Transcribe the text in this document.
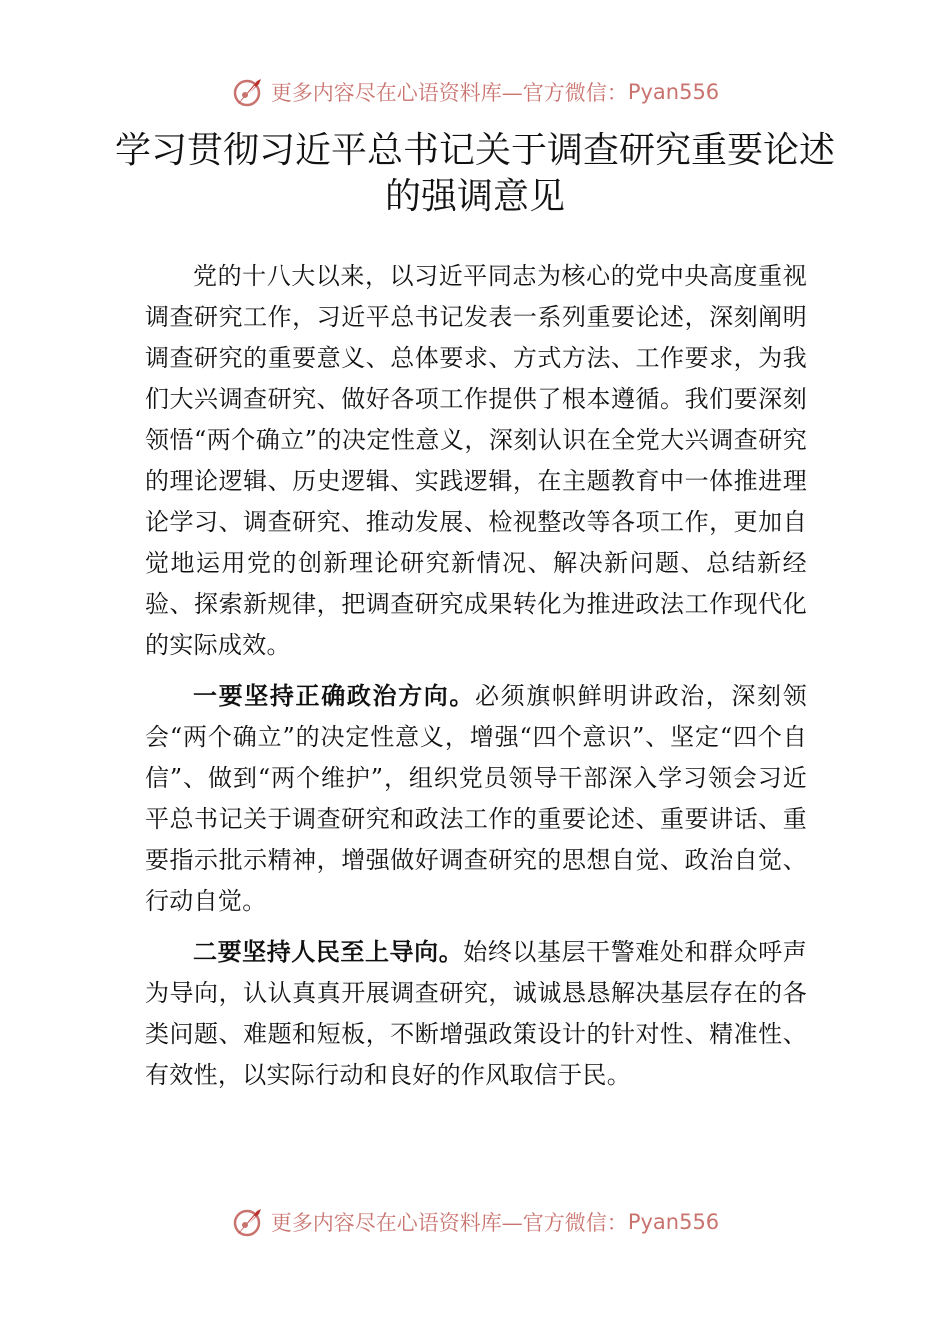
更多内容尽在心语资料库—官方微信： Pyan556
学习贯彻习近平总书记关于调查研究重要论述的强调意见

党的十八大以来，以习近平同志为核心的党中央高度重视调查研究工作，习近平总书记发表一系列重要论述，深刻阐明调查研究的重要意义、总体要求、方式方法、工作要求，为我们大兴调查研究、做好各项工作提供了根本遵循。我们要深刻领悟“两个确立”的决定性意义，深刻认识在全党大兴调查研究的理论逻辑、历史逻辑、实践逻辑，在主题教育中一体推进理论学习、调查研究、推动发展、检视整改等各项工作，更加自觉地运用党的创新理论研究新情况、解决新问题、总结新经验、探索新规律，把调查研究成果转化为推进政法工作现代化的实际成效。

一要坚持正确政治方向。必须旗帜鲜明讲政治，深刻领会“两个确立”的决定性意义，增强“四个意识”、坚定“四个自信”、做到“两个维护”，组织党员领导干部深入学习领会习近平总书记关于调查研究和政法工作的重要论述、重要讲话、重要指示批示精神，增强做好调查研究的思想自觉、政治自觉、行动自觉。

二要坚持人民至上导向。始终以基层干警难处和群众呼声为导向，认认真真开展调查研究，诚诚恳恳解决基层存在的各类问题、难题和短板，不断增强政策设计的针对性、精准性、有效性，以实际行动和良好的作风取信于民。

更多内容尽在心语资料库—官方微信： Pyan556
